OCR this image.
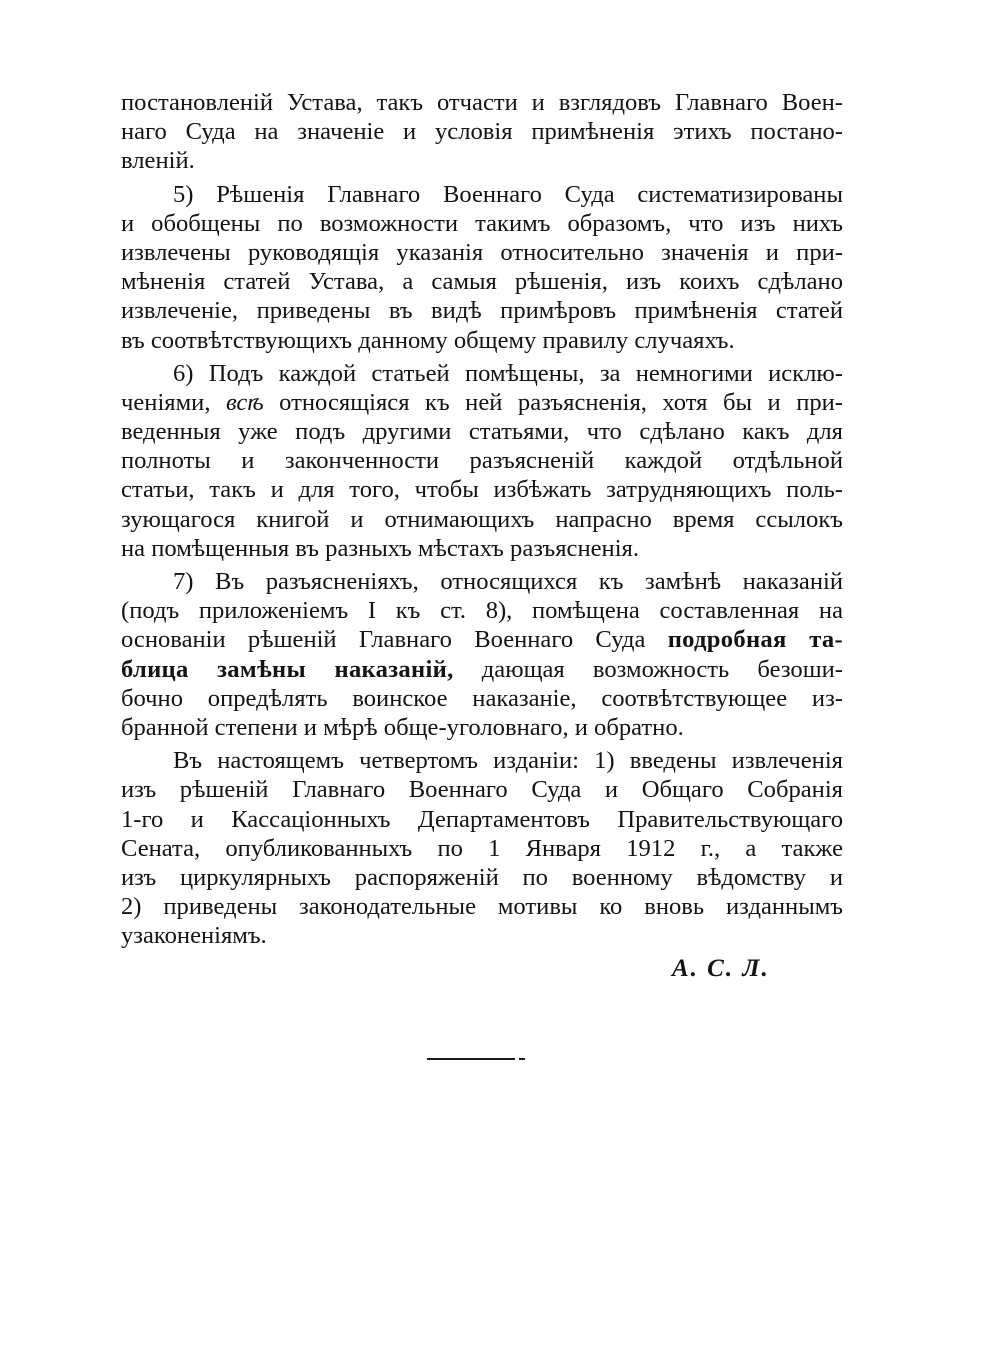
постановленій Устава, такъ отчасти и взглядовъ Главнаго Воен-
наго Суда на значеніе и условія примѣненія этихъ постано-
вленій.
5) Рѣшенія Главнаго Военнаго Суда систематизированы
и обобщены по возможности такимъ образомъ, что изъ нихъ
извлечены руководящія указанія относительно значенія и при-
мѣненія статей Устава, а самыя рѣшенія, изъ коихъ сдѣлано
извлеченіе, приведены въ видѣ примѣровъ примѣненія статей
въ соотвѣтствующихъ данному общему правилу случаяхъ.
6) Подъ каждой статьей помѣщены, за немногими исклю-
ченіями, всѣ относящіяся къ ней разъясненія, хотя бы и при-
веденныя уже подъ другими статьями, что сдѣлано какъ для
полноты и законченности разъясненій каждой отдѣльной
статьи, такъ и для того, чтобы избѣжать затрудняющихъ поль-
зующагося книгой и отнимающихъ напрасно время ссылокъ
на помѣщенныя въ разныхъ мѣстахъ разъясненія.
7) Въ разъясненіяхъ, относящихся къ замѣнѣ наказаній
(подъ приложеніемъ I къ ст. 8), помѣщена составленная на
основаніи рѣшеній Главнаго Военнаго Суда подробная та-
блица замѣны наказаній, дающая возможность безоши-
бочно опредѣлять воинское наказаніе, соотвѣтствующее из-
бранной степени и мѣрѣ обще-уголовнаго, и обратно.
Въ настоящемъ четвертомъ изданіи: 1) введены извлеченія
изъ рѣшеній Главнаго Военнаго Суда и Общаго Собранія
1-го и Кассаціонныхъ Департаментовъ Правительствующаго
Сената, опубликованныхъ по 1 Января 1912 г., а также
изъ циркулярныхъ распоряженій по военному вѣдомству и
2) приведены законодательные мотивы ко вновь изданнымъ
узаконеніямъ.
А. С. Л.
